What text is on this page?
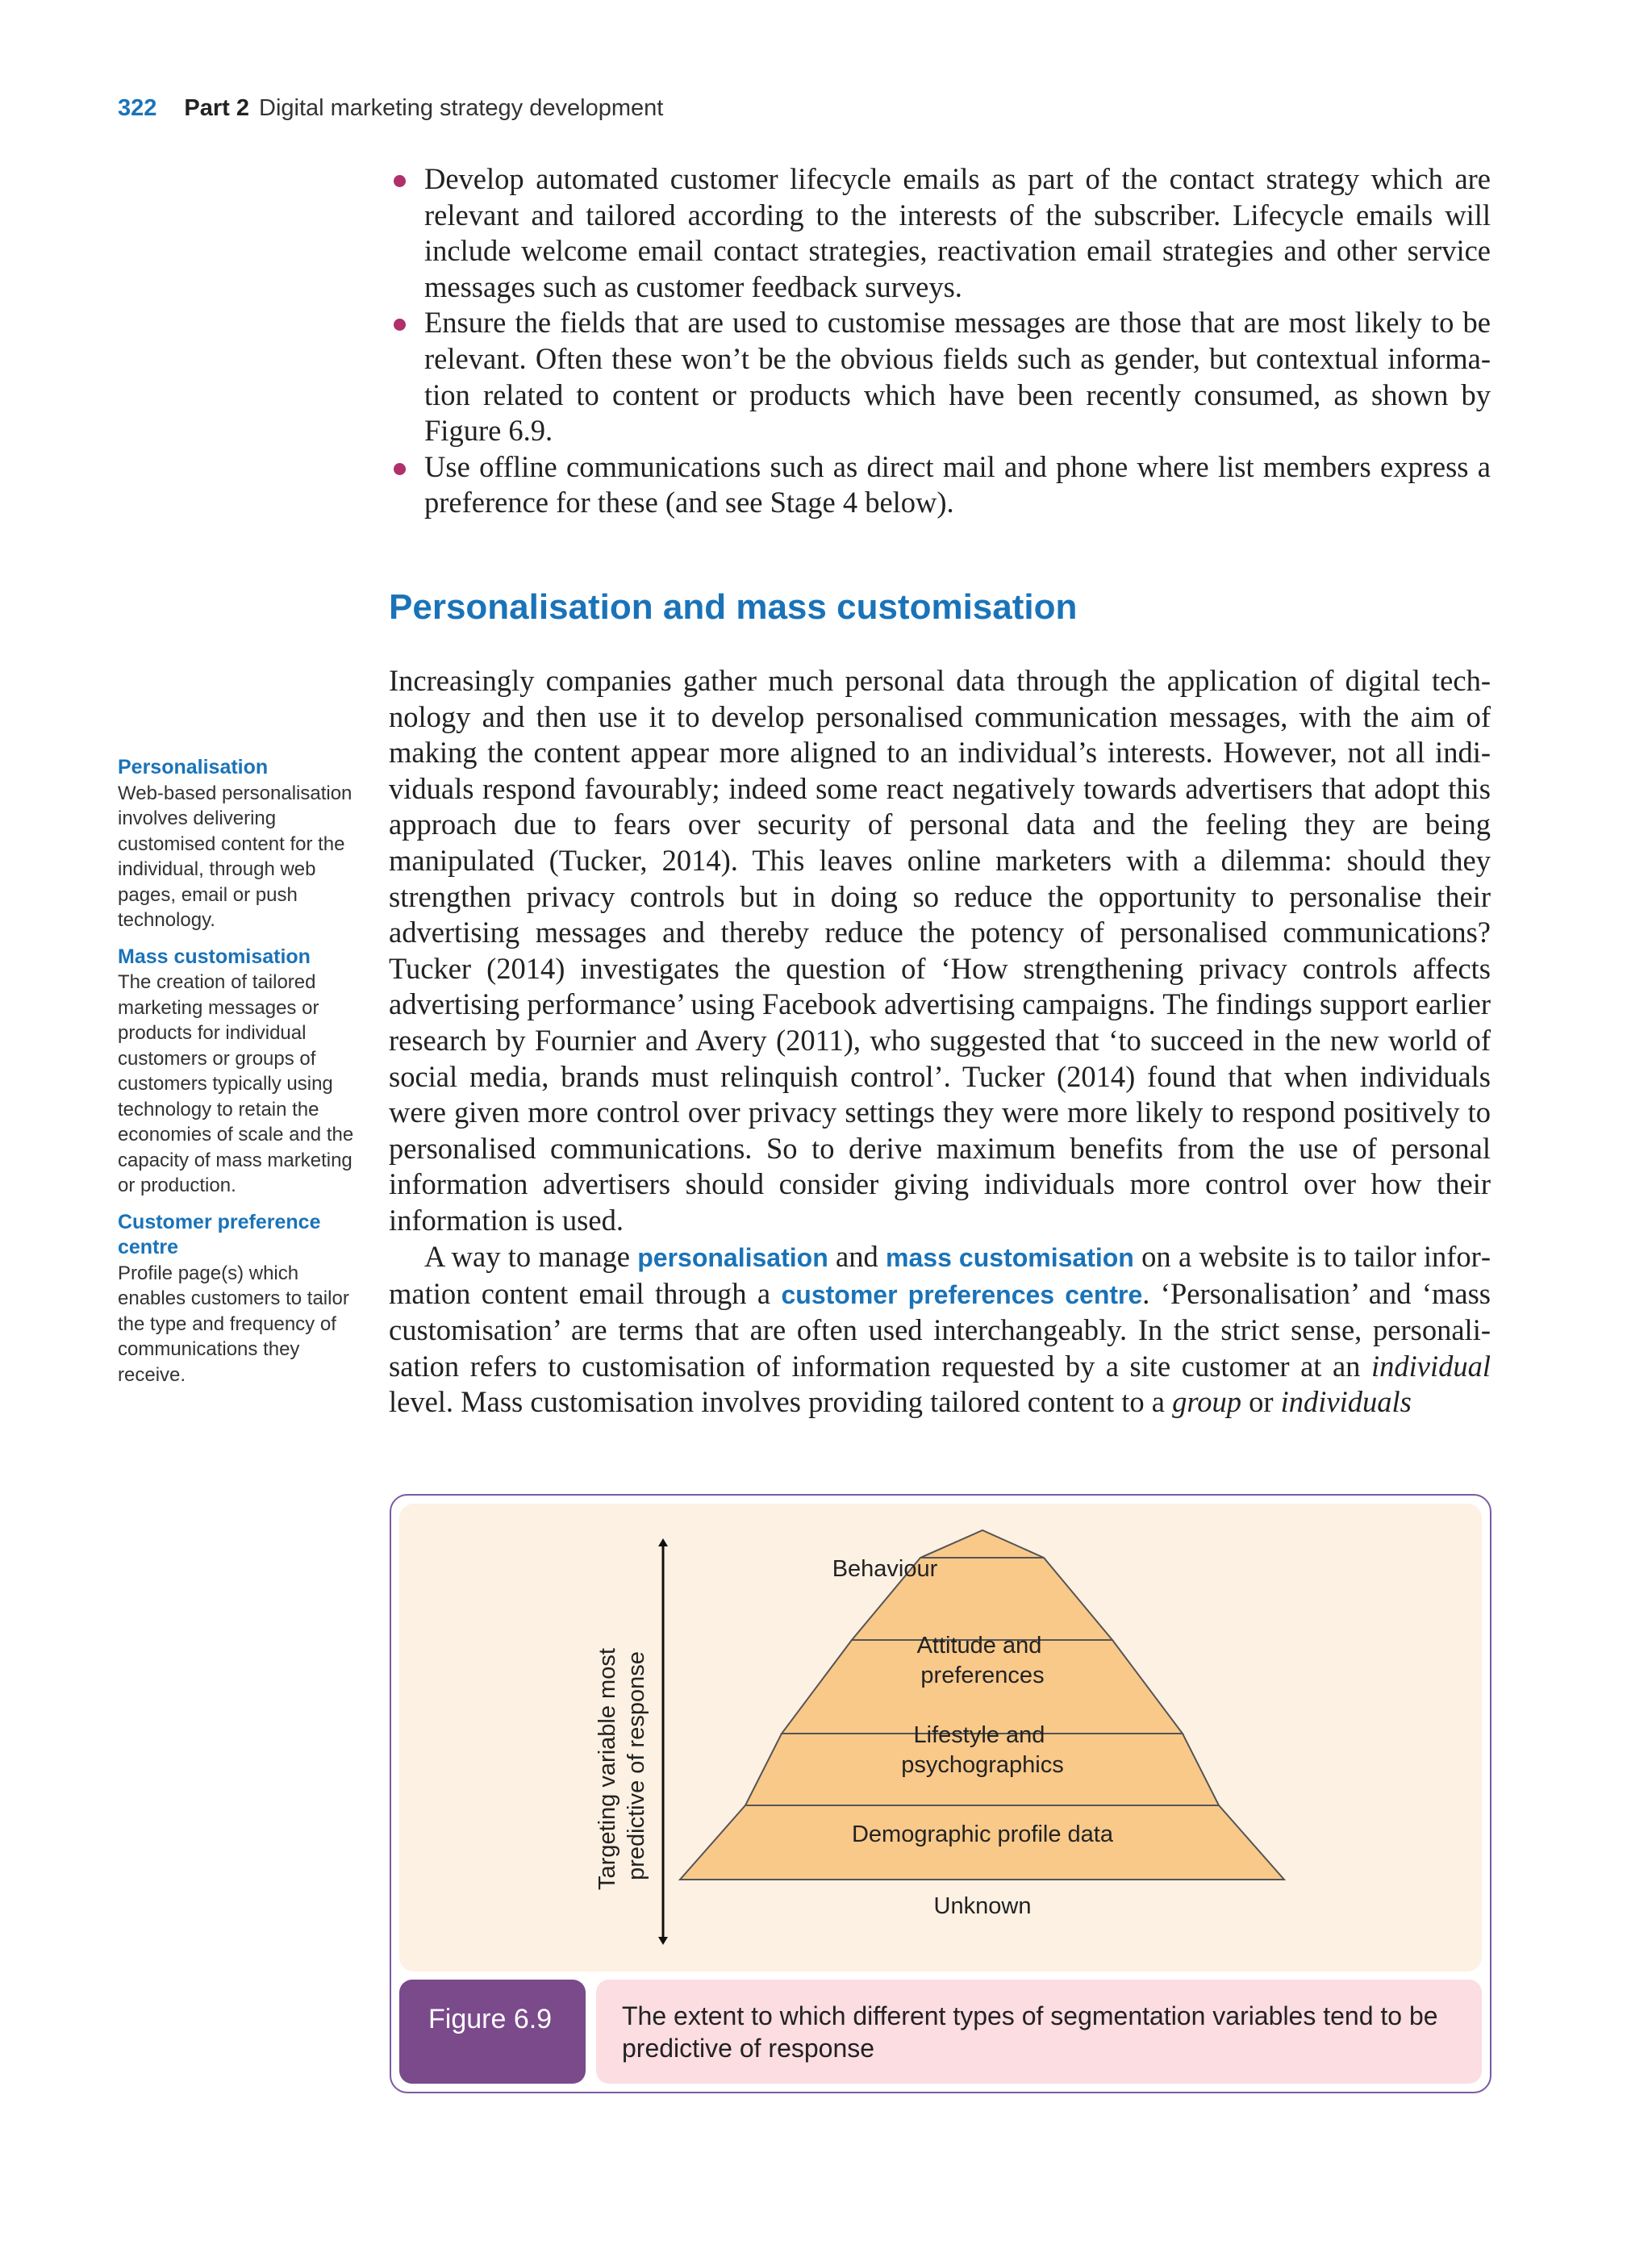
322 Part 2 Digital marketing strategy development
Develop automated customer lifecycle emails as part of the contact strategy which are relevant and tailored according to the interests of the subscriber. Lifecycle emails will include welcome email contact strategies, reactivation email strategies and other service messages such as customer feedback surveys.
Ensure the fields that are used to customise messages are those that are most likely to be relevant. Often these won’t be the obvious fields such as gender, but contextual information related to content or products which have been recently consumed, as shown by Figure 6.9.
Use offline communications such as direct mail and phone where list members express a preference for these (and see Stage 4 below).
Personalisation and mass customisation

Increasingly companies gather much personal data through the application of digital technology and then use it to develop personalised communication messages, with the aim of making the content appear more aligned to an individual’s interests. However, not all individuals respond favourably; indeed some react negatively towards advertisers that adopt this approach due to fears over security of personal data and the feeling they are being manipulated (Tucker, 2014). This leaves online marketers with a dilemma: should they strengthen privacy controls but in doing so reduce the opportunity to personalise their advertising messages and thereby reduce the potency of personalised communications? Tucker (2014) investigates the question of ‘How strengthening privacy controls affects advertising performance’ using Facebook advertising campaigns. The findings support earlier research by Fournier and Avery (2011), who suggested that ‘to succeed in the new world of social media, brands must relinquish control’. Tucker (2014) found that when individuals were given more control over privacy settings they were more likely to respond positively to personalised communications. So to derive maximum benefits from the use of personal information advertisers should consider giving individuals more control over how their information is used.

A way to manage personalisation and mass customisation on a website is to tailor information content email through a customer preferences centre. ‘Personalisation’ and ‘mass customisation’ are terms that are often used interchangeably. In the strict sense, personalisation refers to customisation of information requested by a site customer at an individual level. Mass customisation involves providing tailored content to a group or individuals

Personalisation
Web-based personalisation involves delivering customised content for the individual, through web pages, email or push technology.
Mass customisation
The creation of tailored marketing messages or products for individual customers or groups of customers typically using technology to retain the economies of scale and the capacity of mass marketing or production.
Customer preference centre
Profile page(s) which enables customers to tailor the type and frequency of communications they receive.
Targeting variable most predictive of response
Behaviour
Attitude and preferences
Lifestyle and psychographics
Demographic profile data
Unknown
Figure 6.9	The extent to which different types of segmentation variables tend to be predictive of response
